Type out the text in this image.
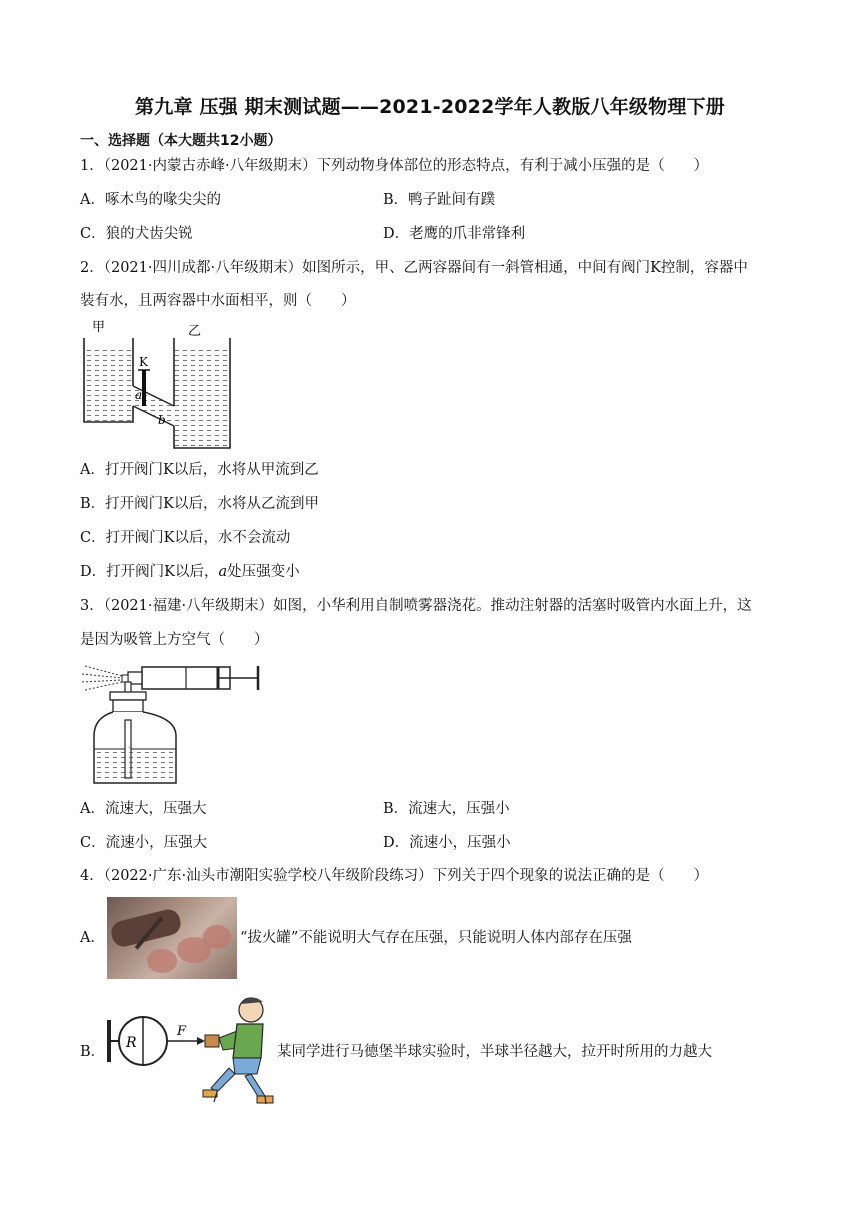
第九章 压强 期末测试题——2021-2022学年人教版八年级物理下册
一、选择题（本大题共12小题）
1．（2021·内蒙古赤峰·八年级期末）下列动物身体部位的形态特点，有利于减小压强的是（　　）
A．啄木鸟的喙尖尖的	B．鸭子趾间有蹼
C．狼的犬齿尖锐	D．老鹰的爪非常锋利
2．（2021·四川成都·八年级期末）如图所示，甲、乙两容器间有一斜管相通，中间有阀门K控制，容器中
装有水，且两容器中水面相平，则（　　）
甲	乙
K
a
b
A．打开阀门K以后，水将从甲流到乙
B．打开阀门K以后，水将从乙流到甲
C．打开阀门K以后，水不会流动
D．打开阀门K以后，a处压强变小
3．（2021·福建·八年级期末）如图，小华利用自制喷雾器浇花。推动注射器的活塞时吸管内水面上升，这
是因为吸管上方空气（　　）
A．流速大，压强大	B．流速大，压强小
C．流速小，压强大	D．流速小，压强小
4．（2022·广东·汕头市潮阳实验学校八年级阶段练习）下列关于四个现象的说法正确的是（　　）
A．	“拔火罐”不能说明大气存在压强，只能说明人体内部存在压强
B．
R
F
某同学进行马德堡半球实验时，半球半径越大，拉开时所用的力越大
